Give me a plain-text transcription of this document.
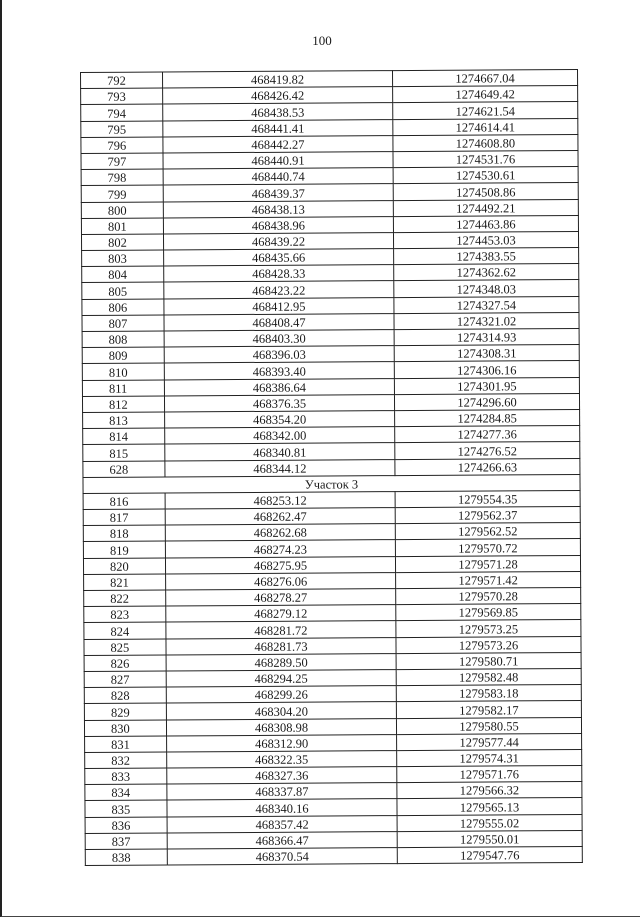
100
792	468419.82	1274667.04
793	468426.42	1274649.42
794	468438.53	1274621.54
795	468441.41	1274614.41
796	468442.27	1274608.80
797	468440.91	1274531.76
798	468440.74	1274530.61
799	468439.37	1274508.86
800	468438.13	1274492.21
801	468438.96	1274463.86
802	468439.22	1274453.03
803	468435.66	1274383.55
804	468428.33	1274362.62
805	468423.22	1274348.03
806	468412.95	1274327.54
807	468408.47	1274321.02
808	468403.30	1274314.93
809	468396.03	1274308.31
810	468393.40	1274306.16
811	468386.64	1274301.95
812	468376.35	1274296.60
813	468354.20	1274284.85
814	468342.00	1274277.36
815	468340.81	1274276.52
628	468344.12	1274266.63
Участок 3		
816	468253.12	1279554.35
817	468262.47	1279562.37
818	468262.68	1279562.52
819	468274.23	1279570.72
820	468275.95	1279571.28
821	468276.06	1279571.42
822	468278.27	1279570.28
823	468279.12	1279569.85
824	468281.72	1279573.25
825	468281.73	1279573.26
826	468289.50	1279580.71
827	468294.25	1279582.48
828	468299.26	1279583.18
829	468304.20	1279582.17
830	468308.98	1279580.55
831	468312.90	1279577.44
832	468322.35	1279574.31
833	468327.36	1279571.76
834	468337.87	1279566.32
835	468340.16	1279565.13
836	468357.42	1279555.02
837	468366.47	1279550.01
838	468370.54	1279547.76
